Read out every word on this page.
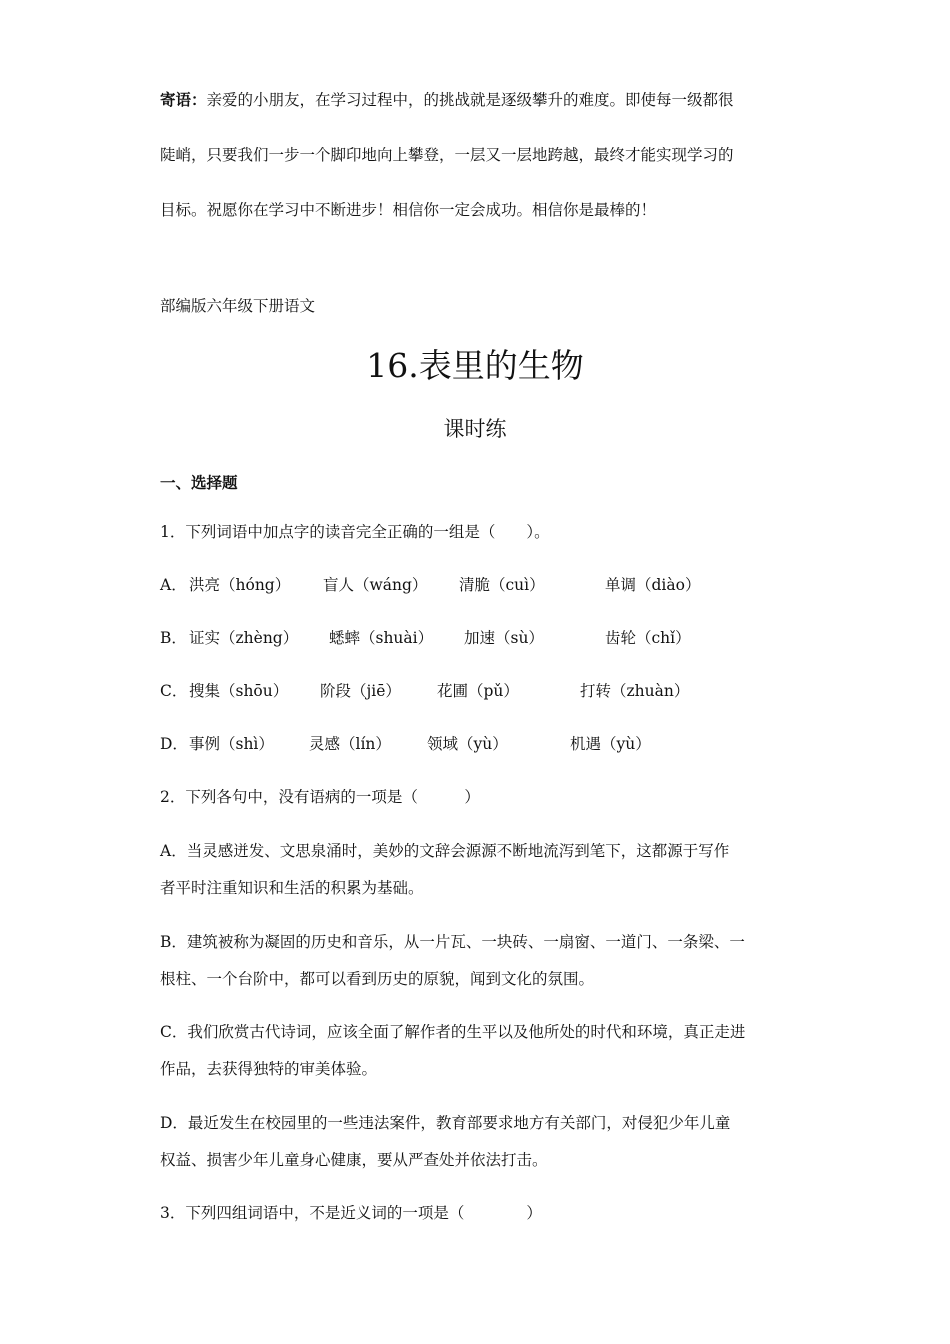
寄语：亲爱的小朋友，在学习过程中，的挑战就是逐级攀升的难度。即使每一级都很
陡峭，只要我们一步一个脚印地向上攀登，一层又一层地跨越，最终才能实现学习的
目标。祝愿你在学习中不断进步！相信你一定会成功。相信你是最棒的！
部编版六年级下册语文
16.表里的生物
课时练
一、选择题
1．下列词语中加点字的读音完全正确的一组是（　　）。
A． 洪亮（hóng） 盲人（wáng） 清脆（cuì）	单调（diào）
B． 证实（zhèng） 蟋蟀（shuài） 加速（sù）	齿轮（chǐ）
C． 搜集（shōu） 阶段（jiē） 花圃（pǔ）	打转（zhuàn）
D． 事例（shì） 灵感（lín） 领域（yù）	机遇（yù）
2．下列各句中，没有语病的一项是（　　　）
A．当灵感迸发、文思泉涌时，美妙的文辞会源源不断地流泻到笔下，这都源于写作
者平时注重知识和生活的积累为基础。
B．建筑被称为凝固的历史和音乐，从一片瓦、一块砖、一扇窗、一道门、一条梁、一
根柱、一个台阶中，都可以看到历史的原貌，闻到文化的氛围。
C．我们欣赏古代诗词，应该全面了解作者的生平以及他所处的时代和环境，真正走进
作品，去获得独特的审美体验。
D．最近发生在校园里的一些违法案件，教育部要求地方有关部门，对侵犯少年儿童
权益、损害少年儿童身心健康，要从严查处并依法打击。
3．下列四组词语中，不是近义词的一项是（　　　　）
